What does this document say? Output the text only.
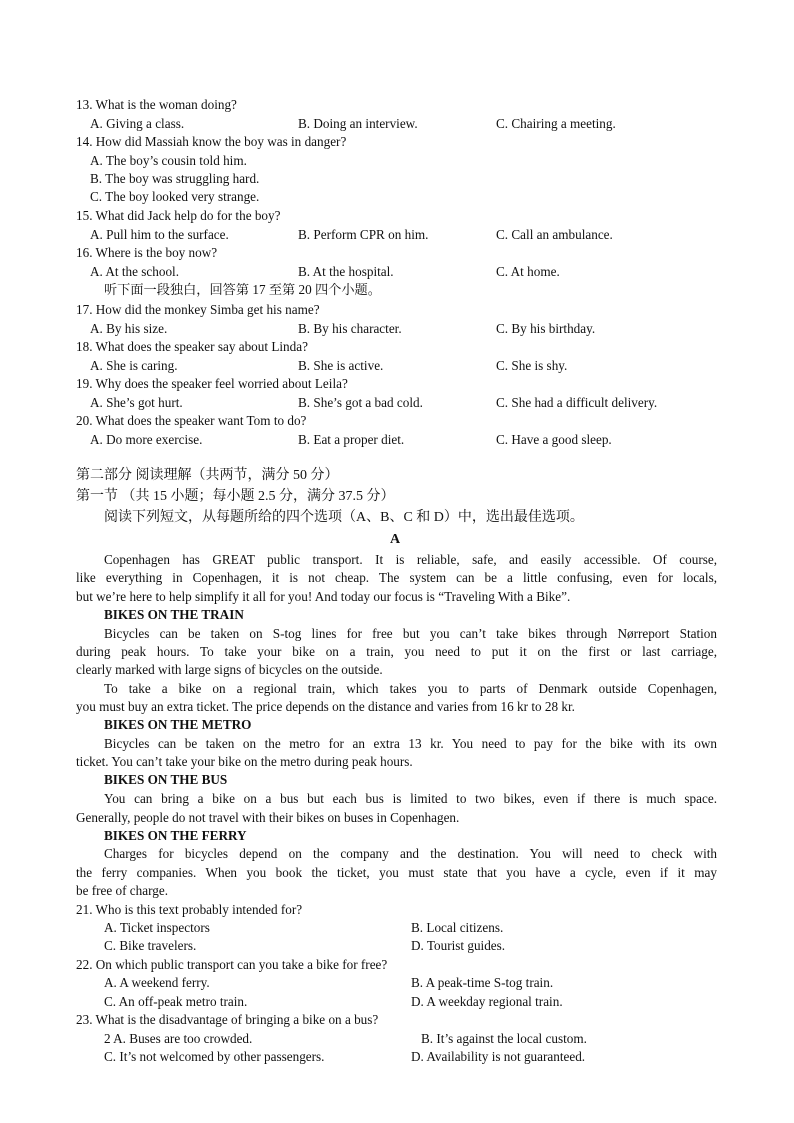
13. What is the woman doing?
A. Giving a class.	B. Doing an interview.	C. Chairing a meeting.
14. How did Massiah know the boy was in danger?
A. The boy’s cousin told him.
B. The boy was struggling hard.
C. The boy looked very strange.
15. What did Jack help do for the boy?
A. Pull him to the surface.	B. Perform CPR on him.	C. Call an ambulance.
16. Where is the boy now?
A. At the school.	B. At the hospital.	C. At home.
听下面一段独白，回答第 17 至第 20 四个小题。
17. How did the monkey Simba get his name?
A. By his size.	B. By his character.	C. By his birthday.
18. What does the speaker say about Linda?
A. She is caring.	B. She is active.	C. She is shy.
19. Why does the speaker feel worried about Leila?
A. She’s got hurt.	B. She’s got a bad cold.	C. She had a difficult delivery.
20. What does the speaker want Tom to do?
A. Do more exercise.	B. Eat a proper diet.	C. Have a good sleep.
第二部分 阅读理解（共两节，满分 50 分）
第一节 （共 15 小题；每小题 2.5 分，满分 37.5 分）
阅读下列短文，从每题所给的四个选项（A、B、C 和 D）中，选出最佳选项。
A
Copenhagen has GREAT public transport. It is reliable, safe, and easily accessible. Of course,
like everything in Copenhagen, it is not cheap. The system can be a little confusing, even for locals,
but we’re here to help simplify it all for you! And today our focus is “Traveling With a Bike”.
BIKES ON THE TRAIN
Bicycles can be taken on S-tog lines for free but you can’t take bikes through Nørreport Station
during peak hours. To take your bike on a train, you need to put it on the first or last carriage,
clearly marked with large signs of bicycles on the outside.
To take a bike on a regional train, which takes you to parts of Denmark outside Copenhagen,
you must buy an extra ticket. The price depends on the distance and varies from 16 kr to 28 kr.
BIKES ON THE METRO
Bicycles can be taken on the metro for an extra 13 kr. You need to pay for the bike with its own
ticket. You can’t take your bike on the metro during peak hours.
BIKES ON THE BUS
You can bring a bike on a bus but each bus is limited to two bikes, even if there is much space.
Generally, people do not travel with their bikes on buses in Copenhagen.
BIKES ON THE FERRY
Charges for bicycles depend on the company and the destination. You will need to check with
the ferry companies. When you book the ticket, you must state that you have a cycle, even if it may
be free of charge.
21. Who is this text probably intended for?
A. Ticket inspectors	B. Local citizens.
C. Bike travelers.	D. Tourist guides.
22. On which public transport can you take a bike for free?
A. A weekend ferry.	B. A peak-time S-tog train.
C. An off-peak metro train.	D. A weekday regional train.
23. What is the disadvantage of bringing a bike on a bus?
2 A. Buses are too crowded.	B. It’s against the local custom.
C. It’s not welcomed by other passengers.	D. Availability is not guaranteed.
